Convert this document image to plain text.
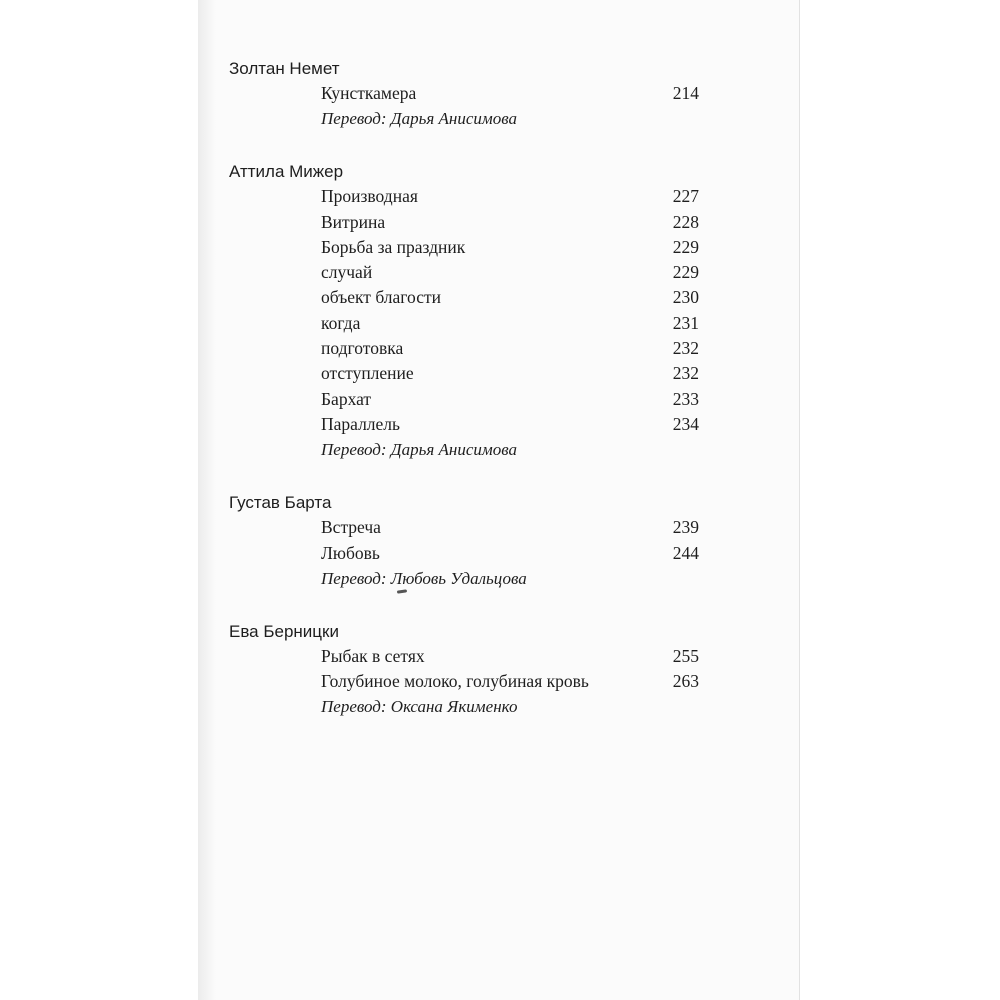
Золтан Немет
Кунсткамера	214
Перевод: Дарья Анисимова
Аттила Мижер
Производная	227
Витрина	228
Борьба за праздник	229
случай	229
объект благости	230
когда	231
подготовка	232
отступление	232
Бархат	233
Параллель	234
Перевод: Дарья Анисимова
Густав Барта
Встреча	239
Любовь	244
Перевод: Любовь Удальцова
Ева Берницки
Рыбак в сетях	255
Голубиное молоко, голубиная кровь	263
Перевод: Оксана Якименко
